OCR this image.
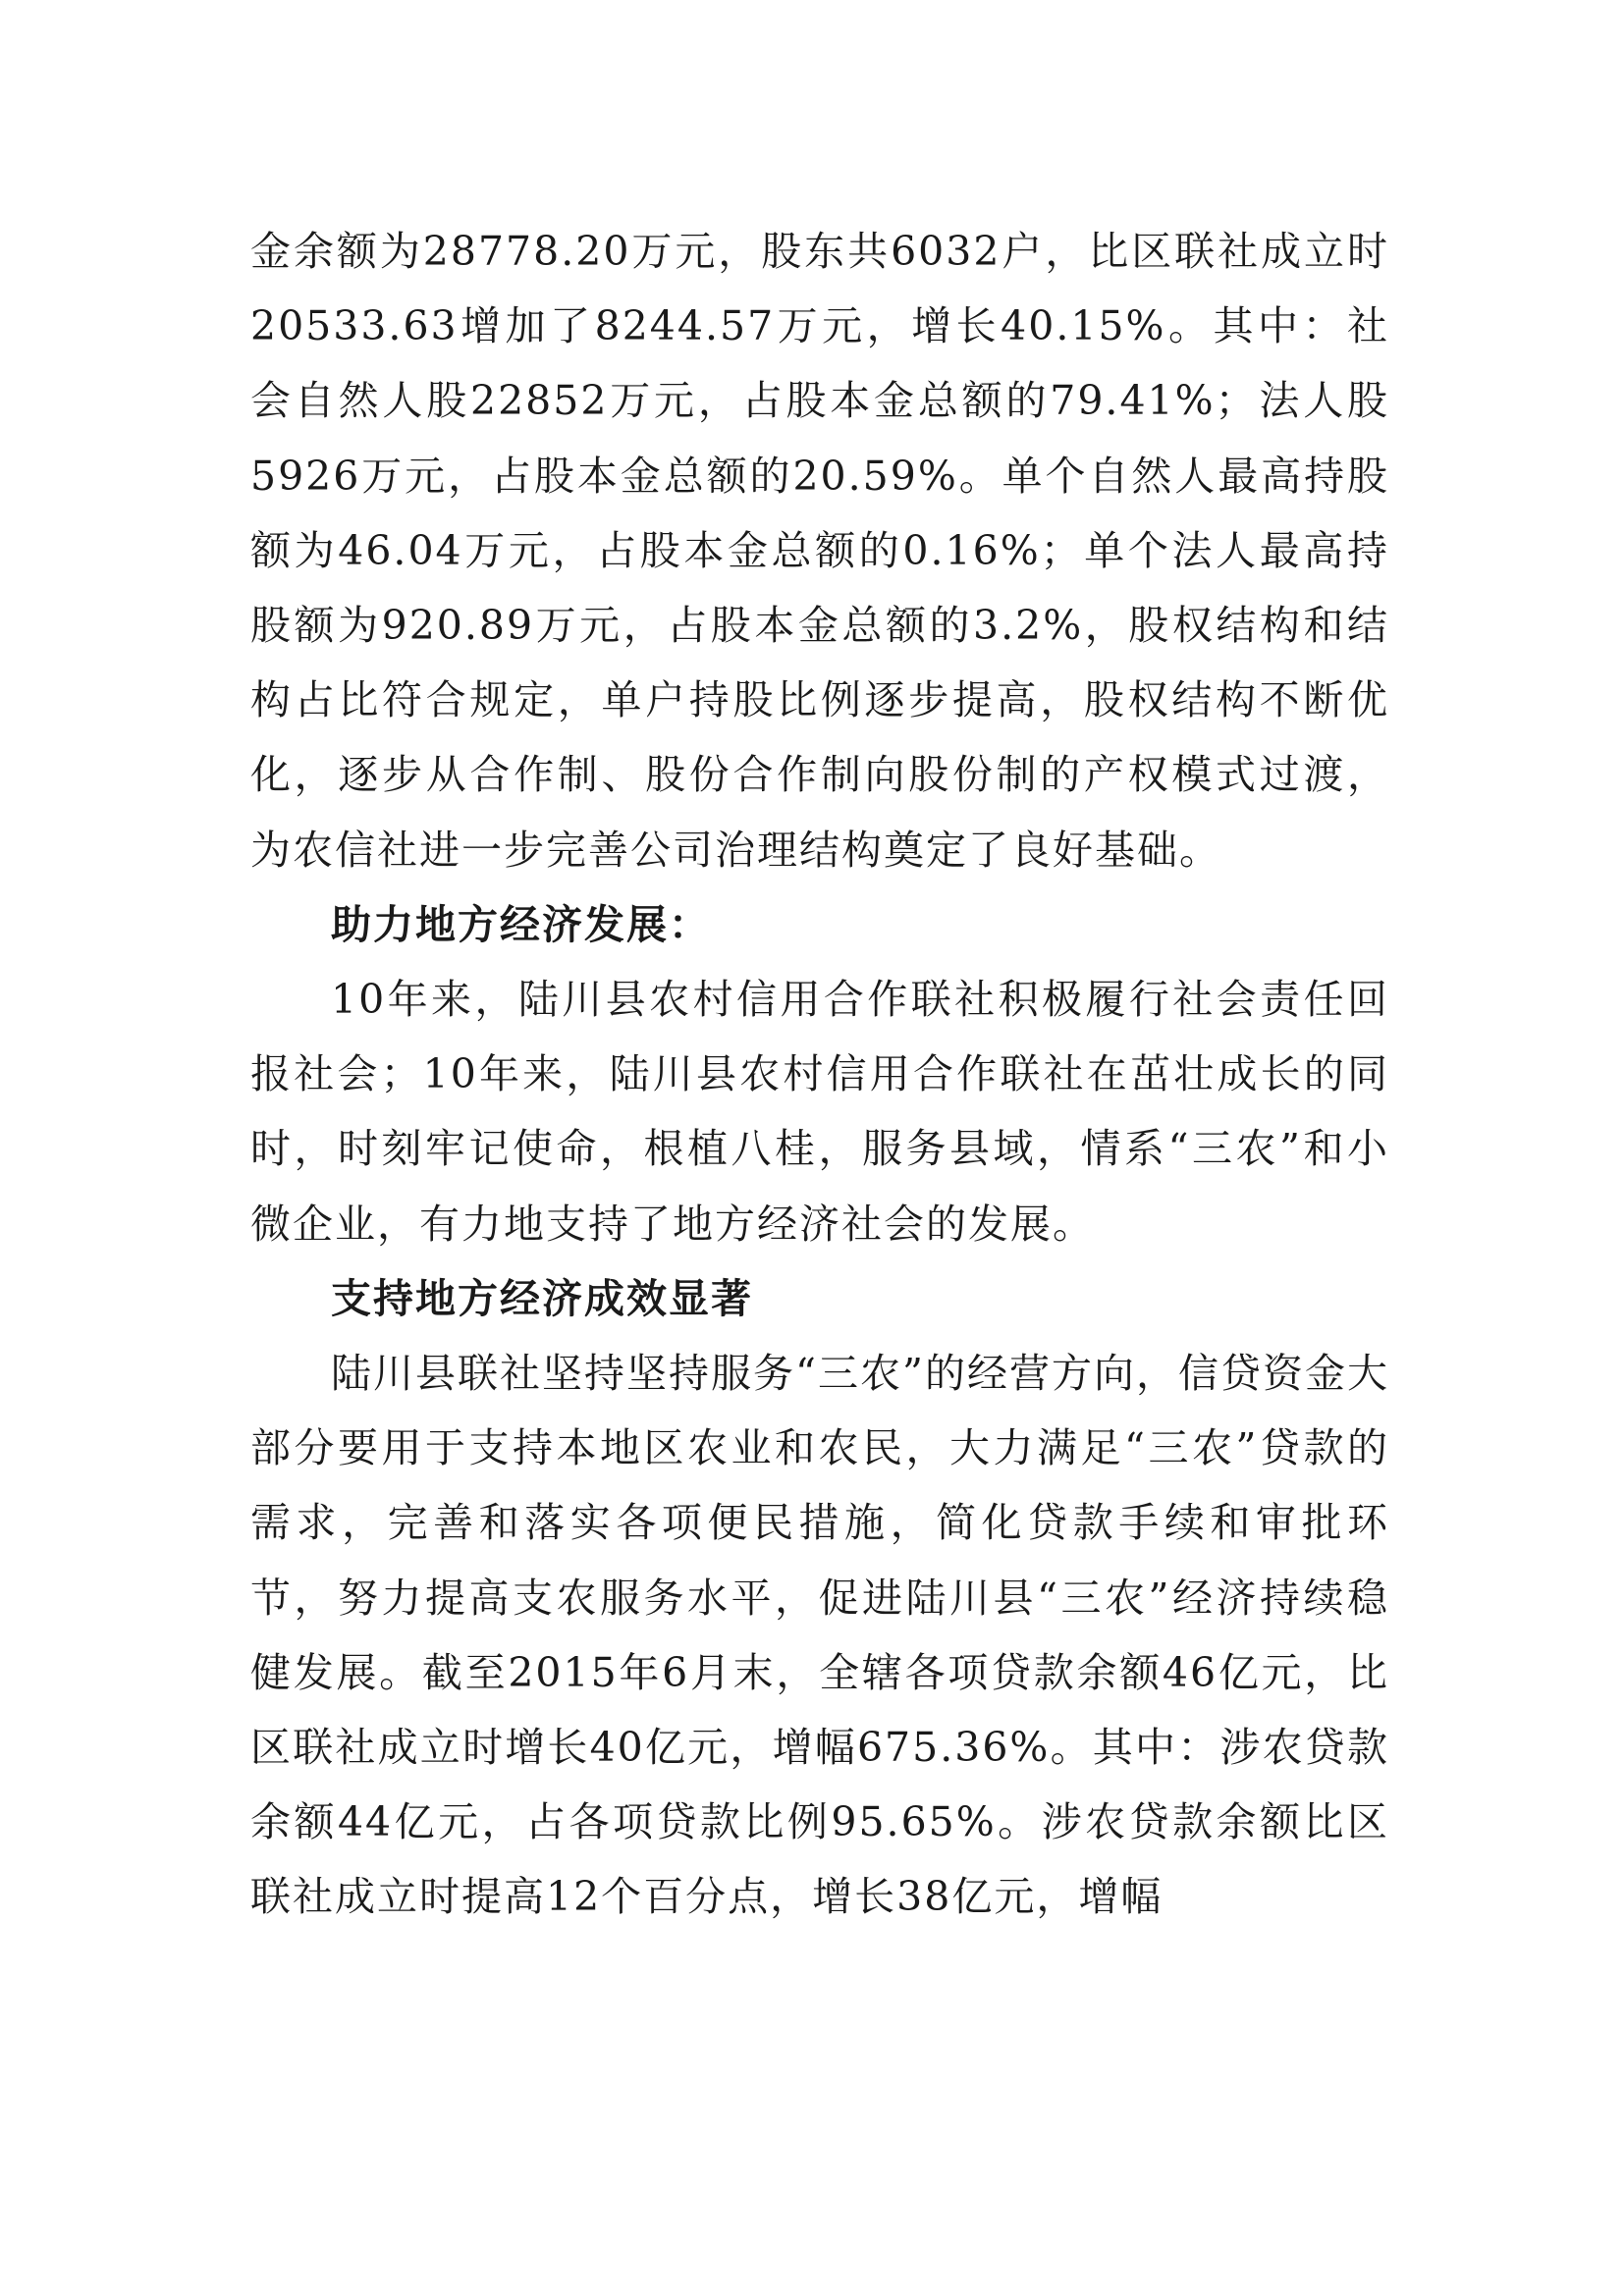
金余额为28778.20万元，股东共6032户，比区联社成立时20533.63增加了8244.57万元，增长40.15%。其中：社会自然人股22852万元，占股本金总额的79.41%；法人股5926万元，占股本金总额的20.59%。单个自然人最高持股额为46.04万元，占股本金总额的0.16%；单个法人最高持股额为920.89万元，占股本金总额的3.2%，股权结构和结构占比符合规定，单户持股比例逐步提高，股权结构不断优化，逐步从合作制、股份合作制向股份制的产权模式过渡，为农信社进一步完善公司治理结构奠定了良好基础。

助力地方经济发展：

10年来，陆川县农村信用合作联社积极履行社会责任回报社会；10年来，陆川县农村信用合作联社在茁壮成长的同时，时刻牢记使命，根植八桂，服务县域，情系“三农”和小微企业，有力地支持了地方经济社会的发展。

支持地方经济成效显著

陆川县联社坚持坚持服务“三农”的经营方向，信贷资金大部分要用于支持本地区农业和农民，大力满足“三农”贷款的需求，完善和落实各项便民措施，简化贷款手续和审批环节，努力提高支农服务水平，促进陆川县“三农”经济持续稳健发展。截至2015年6月末，全辖各项贷款余额46亿元，比区联社成立时增长40亿元，增幅675.36%。其中：涉农贷款余额44亿元，占各项贷款比例95.65%。涉农贷款余额比区联社成立时提高12个百分点，增长38亿元，增幅
